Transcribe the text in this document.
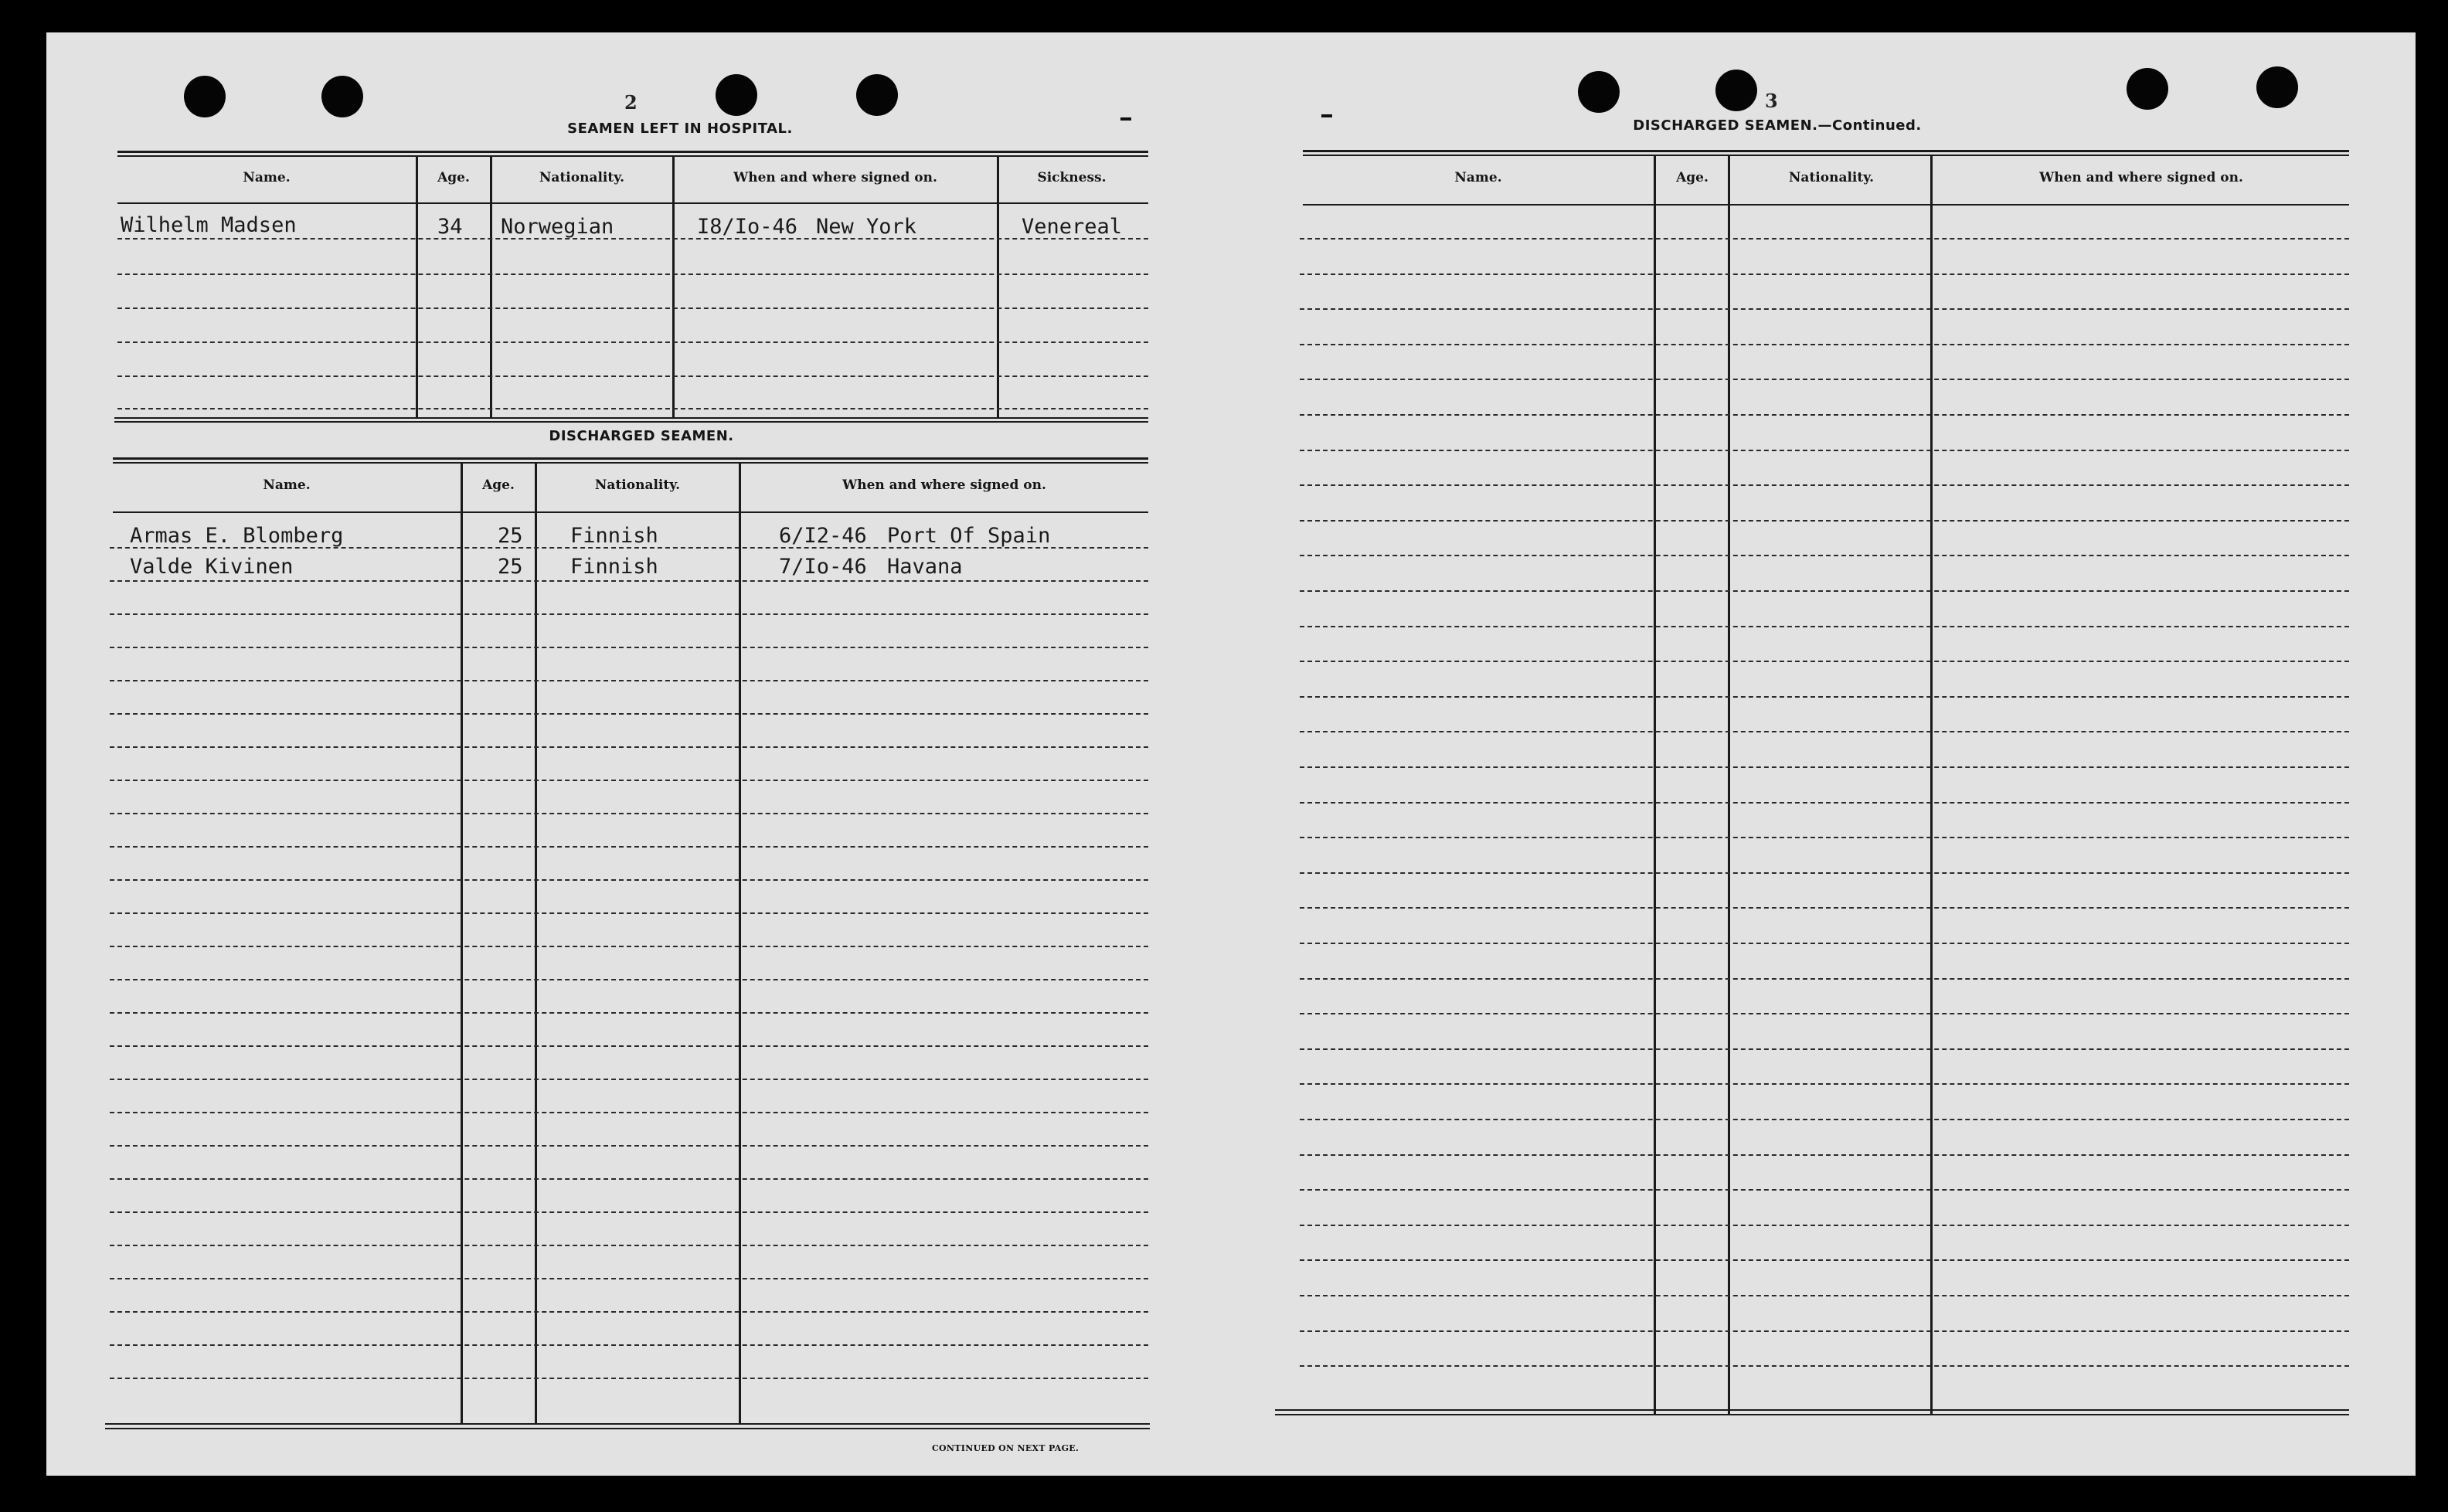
2
SEAMEN LEFT IN HOSPITAL.
Name.	Age.	Nationality.	When and where signed on.	Sickness.
Wilhelm Madsen	34 Norwegian	I8/Io-46 New York	Venereal
DISCHARGED SEAMEN.
Name.	Age.	Nationality.	When and where signed on.
Armas E. Blomberg	25 Finnish	6/I2-46 Port Of Spain
Valde Kivinen	25 Finnish	7/Io-46 Havana
CONTINUED ON NEXT PAGE.
3
DISCHARGED SEAMEN.—Continued.
Name.	Age.	Nationality.	When and where signed on.
